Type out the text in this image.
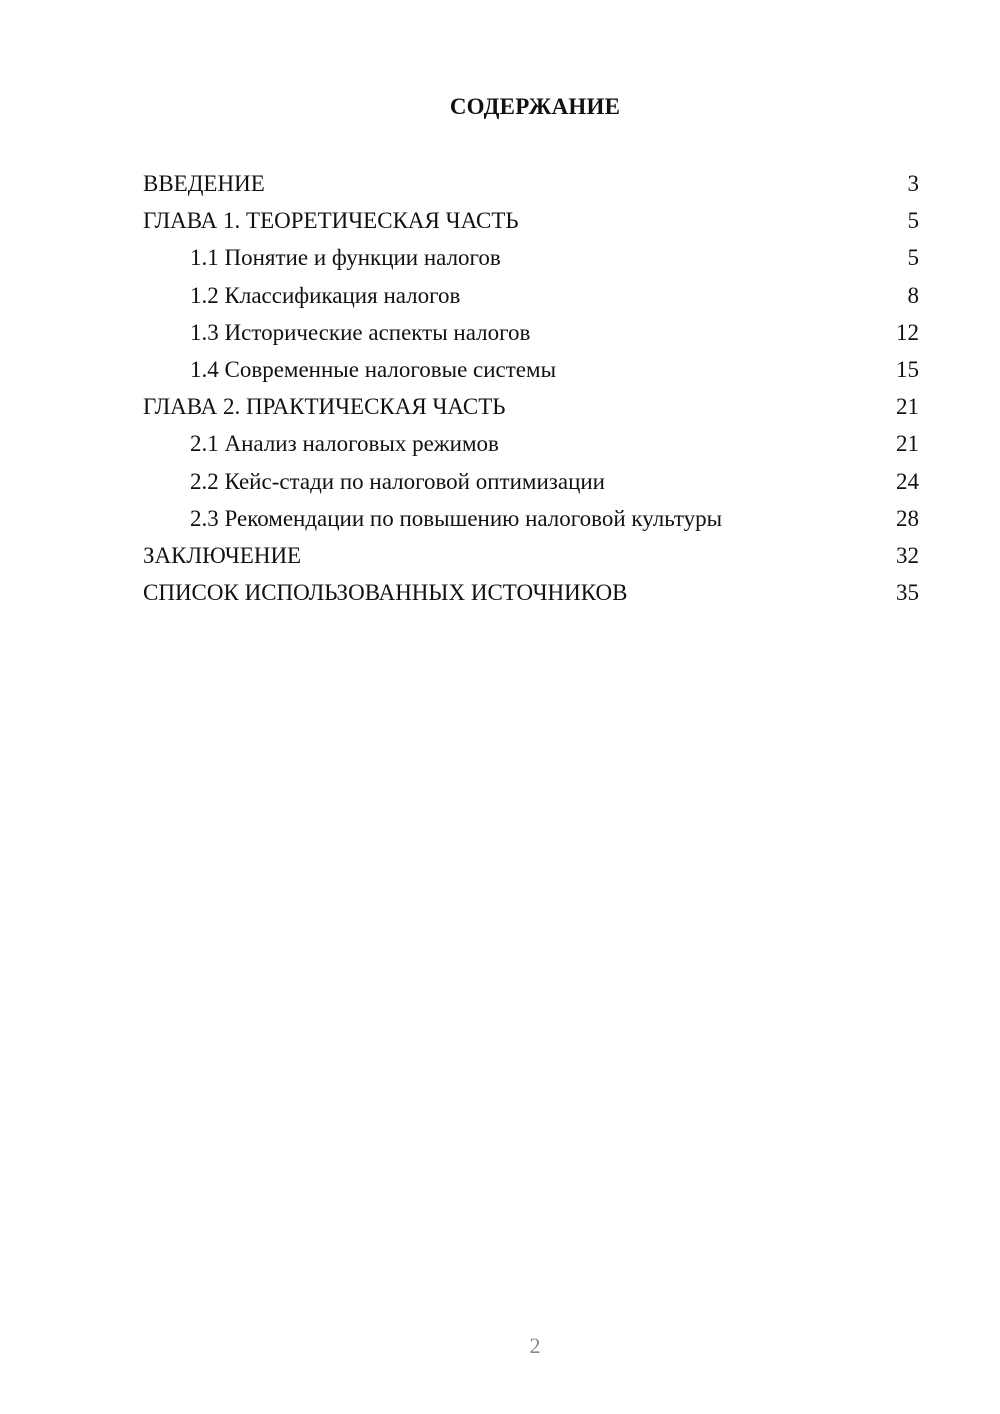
СОДЕРЖАНИЕ
ВВЕДЕНИЕ	3
ГЛАВА 1. ТЕОРЕТИЧЕСКАЯ ЧАСТЬ	5
1.1 Понятие и функции налогов	5
1.2 Классификация налогов	8
1.3 Исторические аспекты налогов	12
1.4 Современные налоговые системы	15
ГЛАВА 2. ПРАКТИЧЕСКАЯ ЧАСТЬ	21
2.1 Анализ налоговых режимов	21
2.2 Кейс-стади по налоговой оптимизации	24
2.3 Рекомендации по повышению налоговой культуры	28
ЗАКЛЮЧЕНИЕ	32
СПИСОК ИСПОЛЬЗОВАННЫХ ИСТОЧНИКОВ	35
2
